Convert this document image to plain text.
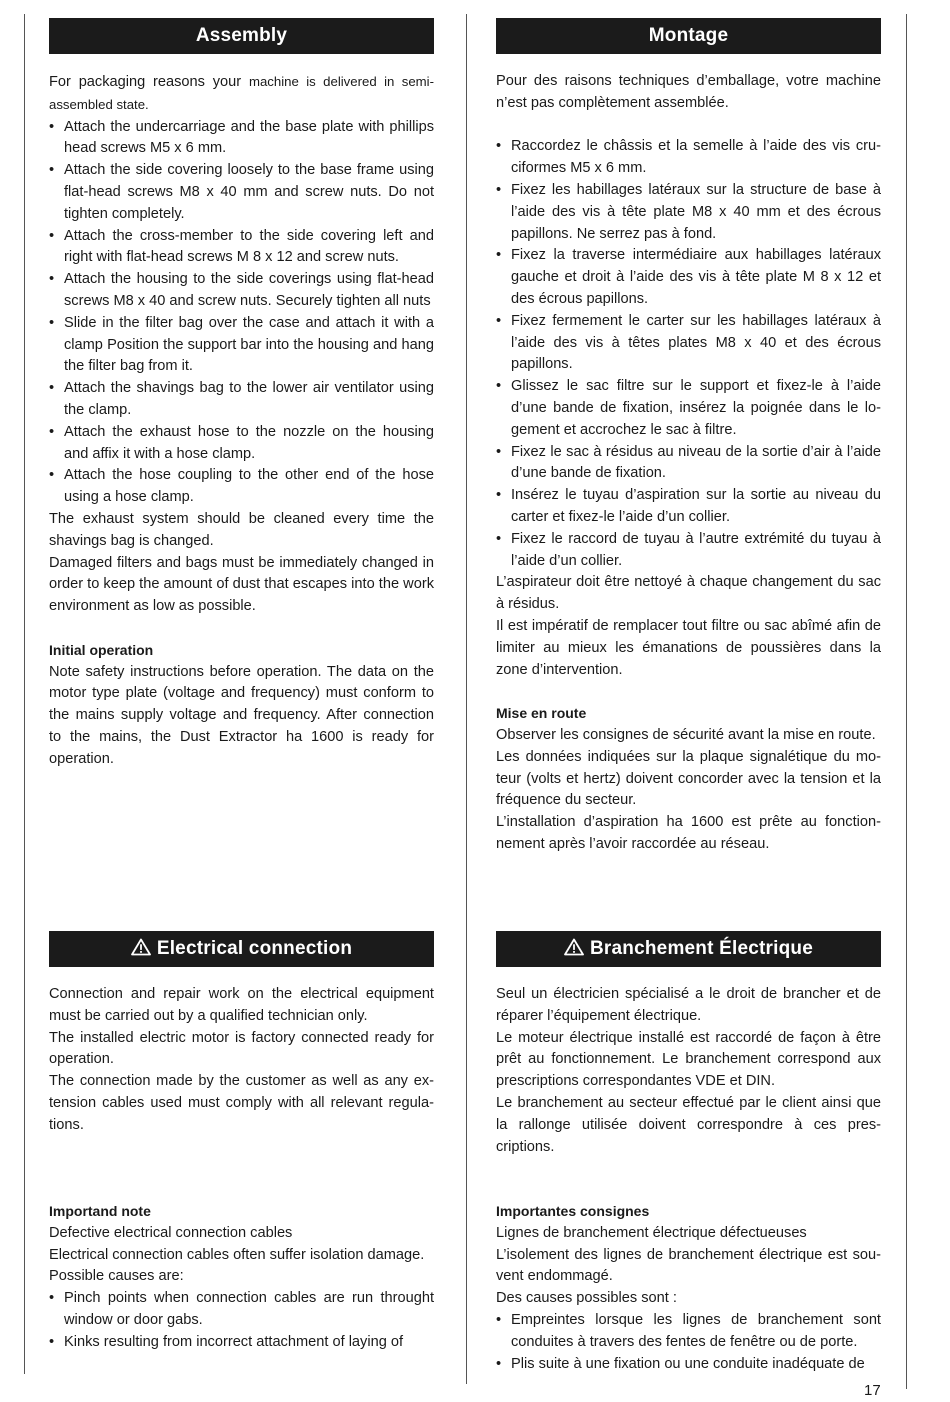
Assembly

For packaging reasons your machine is delivered in semi-assembled state.

• Attach the undercarriage and the base plate with phillips head screws M5 x 6 mm.
• Attach the side covering loosely to the base frame using flat-head screws M8 x 40 mm and screw nuts. Do not tighten completely.
• Attach the cross-member to the side covering left and right with flat-head screws M 8 x 12 and screw nuts.
• Attach the housing to the side coverings using flat-head screws M8 x 40 and screw nuts. Securely tighten all nuts
• Slide in the filter bag over the case and attach it with a clamp Position the support bar into the housing and hang the filter bag from it.
• Attach the shavings bag to the lower air ventilator using the clamp.
• Attach the exhaust hose to the nozzle on the housing and affix it with a hose clamp.
• Attach the hose coupling to the other end of the hose using a hose clamp.

The exhaust system should be cleaned every time the shavings bag is changed.

Damaged filters and bags must be immediately changed in order to keep the amount of dust that escapes into the work environment as low as possible.

Initial operation

Note safety instructions before operation. The data on the motor type plate (voltage and frequency) must conform to the mains supply voltage and frequency. After connection to the mains, the Dust Extractor ha 1600 is ready for operation.

Montage

Pour des raisons techniques d’emballage, votre machine n’est pas complètement assemblée.

• Raccordez le châssis et la semelle à l’aide des vis cruciformes M5 x 6 mm.
• Fixez les habillages latéraux sur la structure de base à l’aide des vis à tête plate M8 x 40 mm et des écrous papillons. Ne serrez pas à fond.
• Fixez la traverse intermédiaire aux habillages latéraux gauche et droit à l’aide des vis à tête plate M 8 x 12 et des écrous papillons.
• Fixez fermement le carter sur les habillages latéraux à l’aide des vis à têtes plates M8 x 40 et des écrous papillons.
• Glissez le sac filtre sur le support et fixez-le à l’aide d’une bande de fixation, insérez la poignée dans le logement et accrochez le sac à filtre.
• Fixez le sac à résidus au niveau de la sortie d’air à l’aide d’une bande de fixation.
• Insérez le tuyau d’aspiration sur la sortie au niveau du carter et fixez-le l’aide d’un collier.
• Fixez le raccord de tuyau à l’autre extrémité du tuyau à l’aide d’un collier.

L’aspirateur doit être nettoyé à chaque changement du sac à résidus.

Il est impératif de remplacer tout filtre ou sac abîmé afin de limiter au mieux les émanations de poussières dans la zone d’intervention.

Mise en route

Observer les consignes de sécurité avant la mise en route.

Les données indiquées sur la plaque signalétique du moteur (volts et hertz) doivent concorder avec la tension et la fréquence du secteur.

L’installation d’aspiration ha 1600 est prête au fonctionnement après l’avoir raccordée au réseau.

Electrical connection

Connection and repair work on the electrical equipment must be carried out by a qualified technician only.

The installed electric motor is factory connected ready for operation.

The connection made by the customer as well as any extension cables used must comply with all relevant regulations.

Importand note

Defective electrical connection cables

Electrical connection cables often suffer isolation damage.

Possible causes are:

• Pinch points when connection cables are run throught window or door gabs.
• Kinks resulting from incorrect attachment of laying of
Branchement Électrique

Seul un électricien spécialisé a le droit de brancher et de réparer l’équipement électrique.

Le moteur électrique installé est raccordé de façon à être prêt au fonctionnement. Le branchement correspond aux prescriptions correspondantes VDE et DIN.

Le branchement au secteur effectué par le client ainsi que la rallonge utilisée doivent correspondre à ces prescriptions.

Importantes consignes

Lignes de branchement électrique défectueuses

L’isolement des lignes de branchement électrique est souvent endommagé.

Des causes possibles sont :

• Empreintes lorsque les lignes de branchement sont conduites à travers des fentes de fenêtre ou de porte.
• Plis suite à une fixation ou une conduite inadéquate de
17
